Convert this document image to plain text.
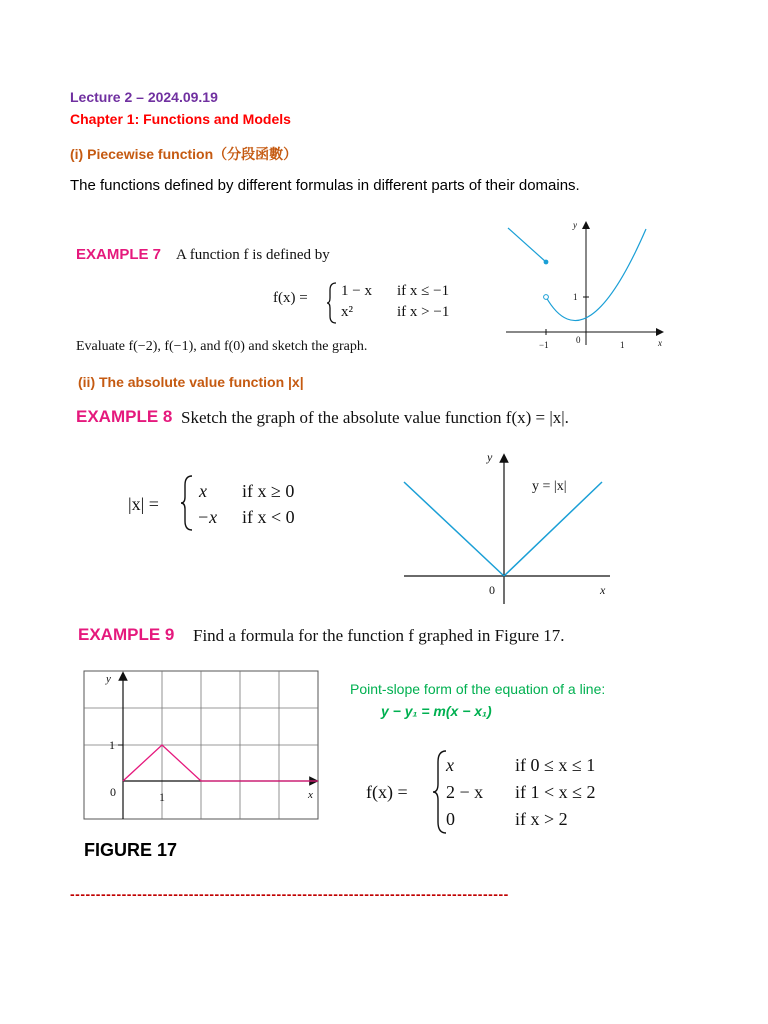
Lecture 2 – 2024.09.19
Chapter 1: Functions and Models
(i) Piecewise function（分段函數）
The functions defined by different formulas in different parts of their domains.
EXAMPLE 7 A function f is defined by
f(x) = 1 − x if x ≤ −1
x²	if x > −1
Evaluate f(−2), f(−1), and f(0) and sketch the graph.
y
x
0
−1	1
1
(ii) The absolute value function |x|
EXAMPLE 8 Sketch the graph of the absolute value function f(x) = |x|.
|x| =
x if x ≥ 0
−x if x < 0
y
x
0
y = |x|
EXAMPLE 9 Find a formula for the function f graphed in Figure 17.
y
x
0	1
1
FIGURE 17
Point-slope form of the equation of a line:
y − y₁ = m(x − x₁)
f(x) =
x	if 0 ≤ x ≤ 1
2 − x if 1 < x ≤ 2
0	if x > 2
-------------------------------------------------------------------------------------
